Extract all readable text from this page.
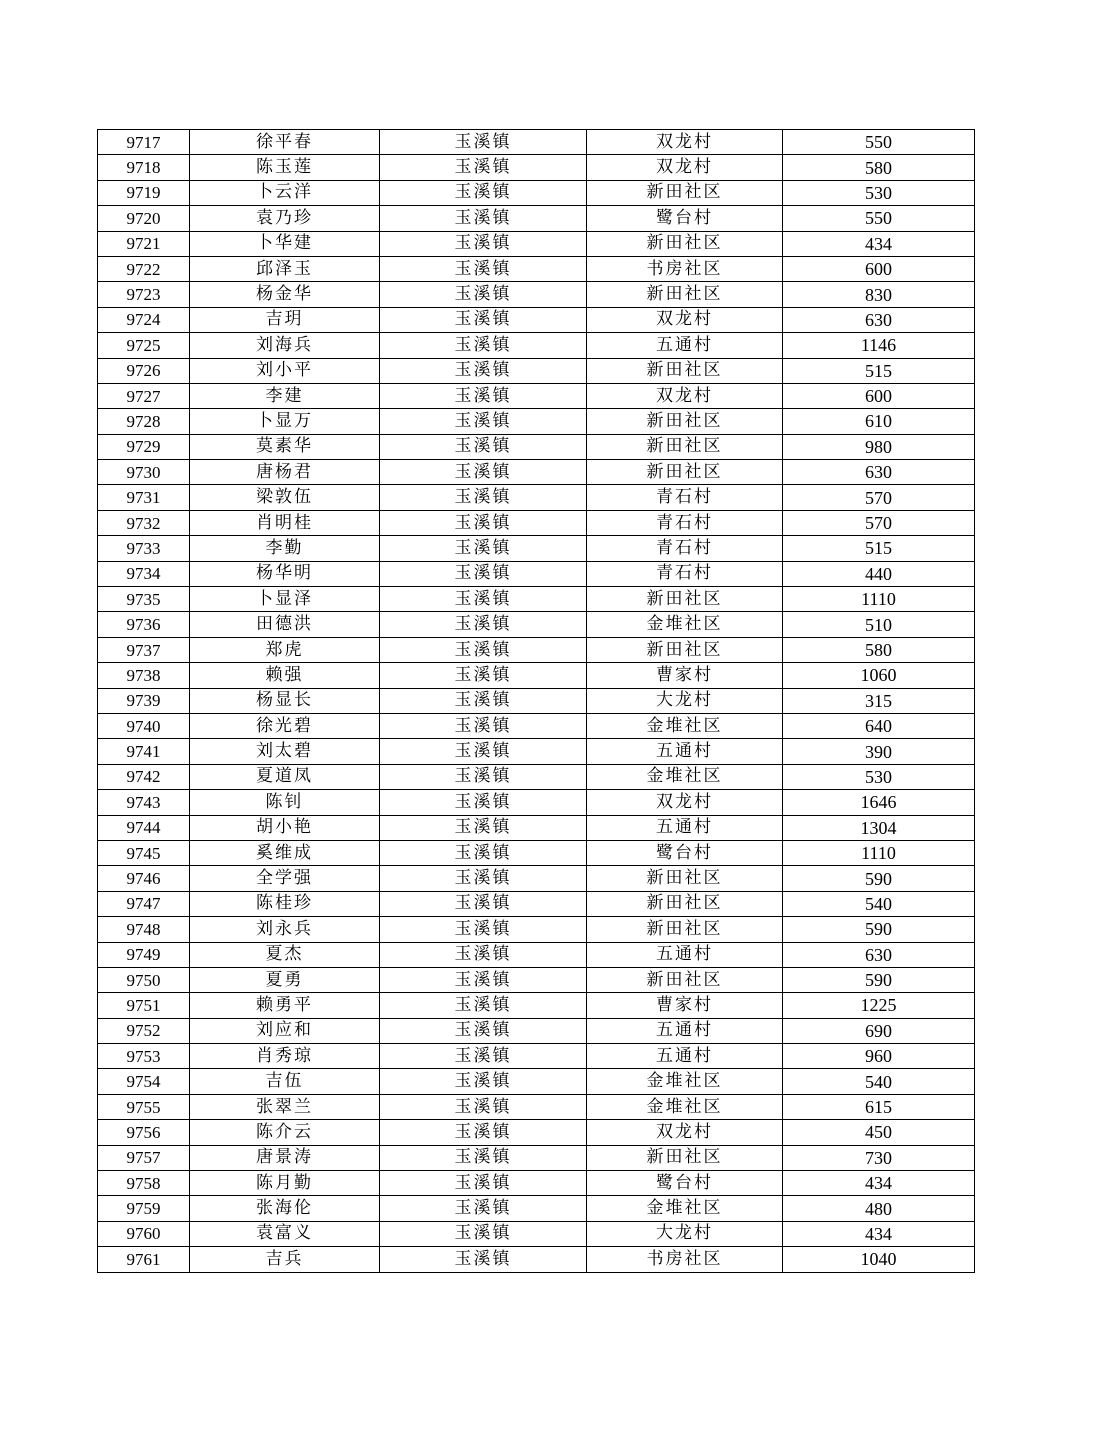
9717	徐平春	玉溪镇	双龙村	550
9718	陈玉莲	玉溪镇	双龙村	580
9719	卜云洋	玉溪镇	新田社区	530
9720	袁乃珍	玉溪镇	鹭台村	550
9721	卜华建	玉溪镇	新田社区	434
9722	邱泽玉	玉溪镇	书房社区	600
9723	杨金华	玉溪镇	新田社区	830
9724	吉玥	玉溪镇	双龙村	630
9725	刘海兵	玉溪镇	五通村	1146
9726	刘小平	玉溪镇	新田社区	515
9727	李建	玉溪镇	双龙村	600
9728	卜显万	玉溪镇	新田社区	610
9729	莫素华	玉溪镇	新田社区	980
9730	唐杨君	玉溪镇	新田社区	630
9731	梁敦伍	玉溪镇	青石村	570
9732	肖明桂	玉溪镇	青石村	570
9733	李勤	玉溪镇	青石村	515
9734	杨华明	玉溪镇	青石村	440
9735	卜显泽	玉溪镇	新田社区	1110
9736	田德洪	玉溪镇	金堆社区	510
9737	郑虎	玉溪镇	新田社区	580
9738	赖强	玉溪镇	曹家村	1060
9739	杨显长	玉溪镇	大龙村	315
9740	徐光碧	玉溪镇	金堆社区	640
9741	刘太碧	玉溪镇	五通村	390
9742	夏道凤	玉溪镇	金堆社区	530
9743	陈钊	玉溪镇	双龙村	1646
9744	胡小艳	玉溪镇	五通村	1304
9745	奚维成	玉溪镇	鹭台村	1110
9746	全学强	玉溪镇	新田社区	590
9747	陈桂珍	玉溪镇	新田社区	540
9748	刘永兵	玉溪镇	新田社区	590
9749	夏杰	玉溪镇	五通村	630
9750	夏勇	玉溪镇	新田社区	590
9751	赖勇平	玉溪镇	曹家村	1225
9752	刘应和	玉溪镇	五通村	690
9753	肖秀琼	玉溪镇	五通村	960
9754	吉伍	玉溪镇	金堆社区	540
9755	张翠兰	玉溪镇	金堆社区	615
9756	陈介云	玉溪镇	双龙村	450
9757	唐景涛	玉溪镇	新田社区	730
9758	陈月勤	玉溪镇	鹭台村	434
9759	张海伦	玉溪镇	金堆社区	480
9760	袁富义	玉溪镇	大龙村	434
9761	吉兵	玉溪镇	书房社区	1040
